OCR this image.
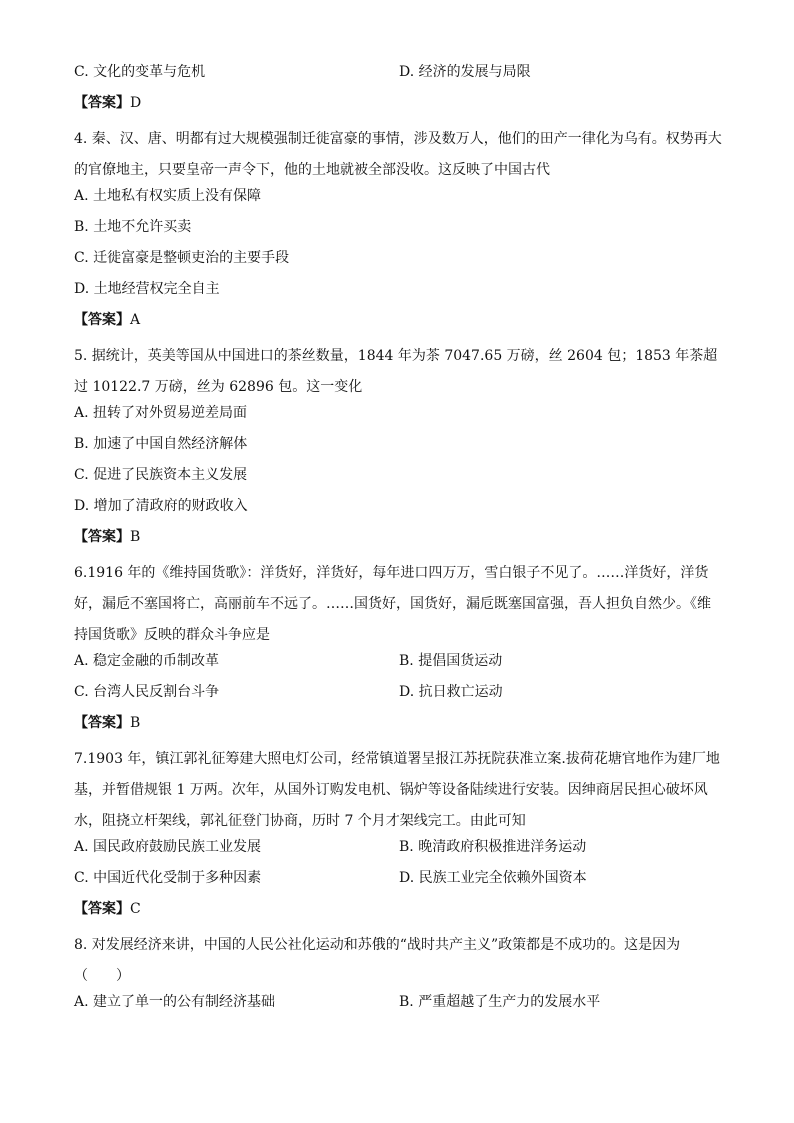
C. 文化的变革与危机	D. 经济的发展与局限
【答案】D
4. 秦、汉、唐、明都有过大规模强制迁徙富豪的事情，涉及数万人，他们的田产一律化为乌有。权势再大的官僚地主，只要皇帝一声令下，他的土地就被全部没收。这反映了中国古代
A. 土地私有权实质上没有保障
B. 土地不允许买卖
C. 迁徙富豪是整顿吏治的主要手段
D. 土地经营权完全自主
【答案】A
5. 据统计，英美等国从中国进口的茶丝数量，1844 年为茶 7047.65 万磅，丝 2604 包；1853 年茶超过 10122.7 万磅，丝为 62896 包。这一变化
A. 扭转了对外贸易逆差局面
B. 加速了中国自然经济解体
C. 促进了民族资本主义发展
D. 增加了清政府的财政收入
【答案】B
6.1916 年的《维持国货歌》：洋货好，洋货好，每年进口四万万，雪白银子不见了。……洋货好，洋货好，漏卮不塞国将亡，高丽前车不远了。……国货好，国货好，漏卮既塞国富强，吾人担负自然少。《维持国货歌》反映的群众斗争应是
A. 稳定金融的币制改革	B. 提倡国货运动
C. 台湾人民反割台斗争	D. 抗日救亡运动
【答案】B
7.1903 年，镇江郭礼征筹建大照电灯公司，经常镇道署呈报江苏抚院获准立案.拔荷花塘官地作为建厂地基，并暂借规银 1 万两。次年，从国外订购发电机、锅炉等设备陆续进行安装。因绅商居民担心破坏风水，阻挠立杆架线，郭礼征登门协商，历时 7 个月才架线完工。由此可知
A. 国民政府鼓励民族工业发展	B. 晚清政府积极推进洋务运动
C. 中国近代化受制于多种因素	D. 民族工业完全依赖外国资本
【答案】C
8. 对发展经济来讲，中国的人民公社化运动和苏俄的“战时共产主义”政策都是不成功的。这是因为（　　）
A. 建立了单一的公有制经济基础	B. 严重超越了生产力的发展水平
